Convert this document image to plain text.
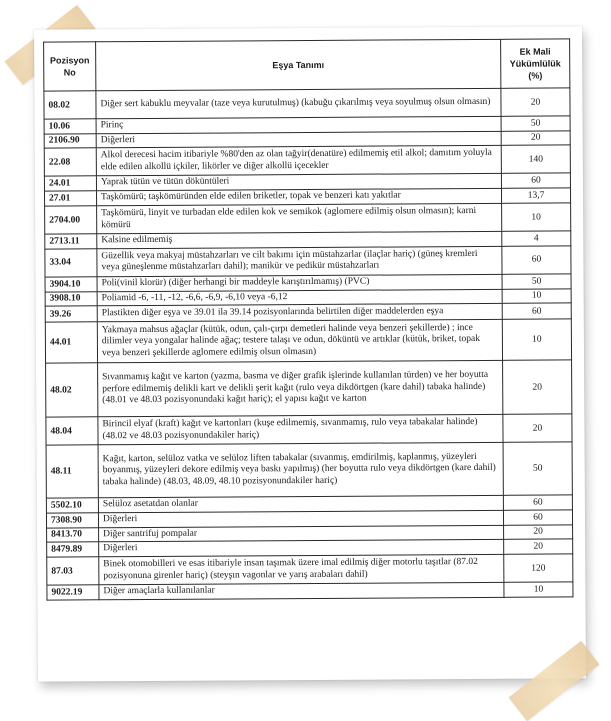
Pozisyon No	Eşya Tanımı	Ek Mali Yükümlülük (%)
08.02	Diğer sert kabuklu meyvalar (taze veya kurutulmuş) (kabuğu çıkarılmış veya soyulmuş olsun olmasın)	20
10.06	Pirinç	50
2106.90	Diğerleri	20
22.08	Alkol derecesi hacim itibariyle %80'den az olan tağyir(denatüre) edilmemiş etil alkol; damıtım yoluyla elde edilen alkollü içkiler, likörler ve diğer alkollü içecekler	140
24.01	Yaprak tütün ve tütün döküntüleri	60
27.01	Taşkömürü; taşkömüründen elde edilen briketler, topak ve benzeri katı yakıtlar	13,7
2704.00	Taşkömürü, linyit ve turbadan elde edilen kok ve semikok (aglomere edilmiş olsun olmasın); karni kömürü	10
2713.11	Kalsine edilmemiş	4
33.04	Güzellik veya makyaj müstahzarları ve cilt bakımı için müstahzarlar (ilaçlar hariç) (güneş kremleri veya güneşlenme müstahzarları dahil); manikür ve pedikür müstahzarları	60
3904.10	Poli(vinil klorür) (diğer herhangi bir maddeyle karıştırılmamış) (PVC)	50
3908.10	Poliamid -6, -11, -12, -6,6, -6,9, -6,10 veya -6,12	10
39.26	Plastikten diğer eşya ve 39.01 ila 39.14 pozisyonlarında belirtilen diğer maddelerden eşya	60
44.01	Yakmaya mahsus ağaçlar (kütük, odun, çalı-çırpı demetleri halinde veya benzeri şekillerde) ; ince dilimler veya yongalar halinde ağaç; testere talaşı ve odun, döküntü ve artıklar (kütük, briket, topak veya benzeri şekillerde aglomere edilmiş olsun olmasın)	10
48.02	Sıvanmamış kağıt ve karton (yazma, basma ve diğer grafik işlerinde kullanılan türden) ve her boyutta perfore edilmemiş delikli kart ve delikli şerit kağıt (rulo veya dikdörtgen (kare dahil) tabaka halinde) (48.01 ve 48.03 pozisyonundaki kağıt hariç); el yapısı kağıt ve karton	20
48.04	Birincil elyaf (kraft) kağıt ve kartonları (kuşe edilmemiş, sıvanmamış, rulo veya tabakalar halinde) (48.02 ve 48.03 pozisyonundakiler hariç)	20
48.11	Kağıt, karton, selüloz vatka ve selüloz liften tabakalar (sıvanmış, emdirilmiş, kaplanmış, yüzeyleri boyanmış, yüzeyleri dekore edilmiş veya baskı yapılmış) (her boyutta rulo veya dikdörtgen (kare dahil) tabaka halinde) (48.03, 48.09, 48.10 pozisyonundakiler hariç)	50
5502.10	Selüloz asetatdan olanlar	60
7308.90	Diğerleri	60
8413.70	Diğer santrifuj pompalar	20
8479.89	Diğerleri	20
87.03	Binek otomobilleri ve esas itibariyle insan taşımak üzere imal edilmiş diğer motorlu taşıtlar (87.02 pozisyonuna girenler hariç) (steyşın vagonlar ve yarış arabaları dahil)	120
9022.19	Diğer amaçlarla kullanılanlar	10
